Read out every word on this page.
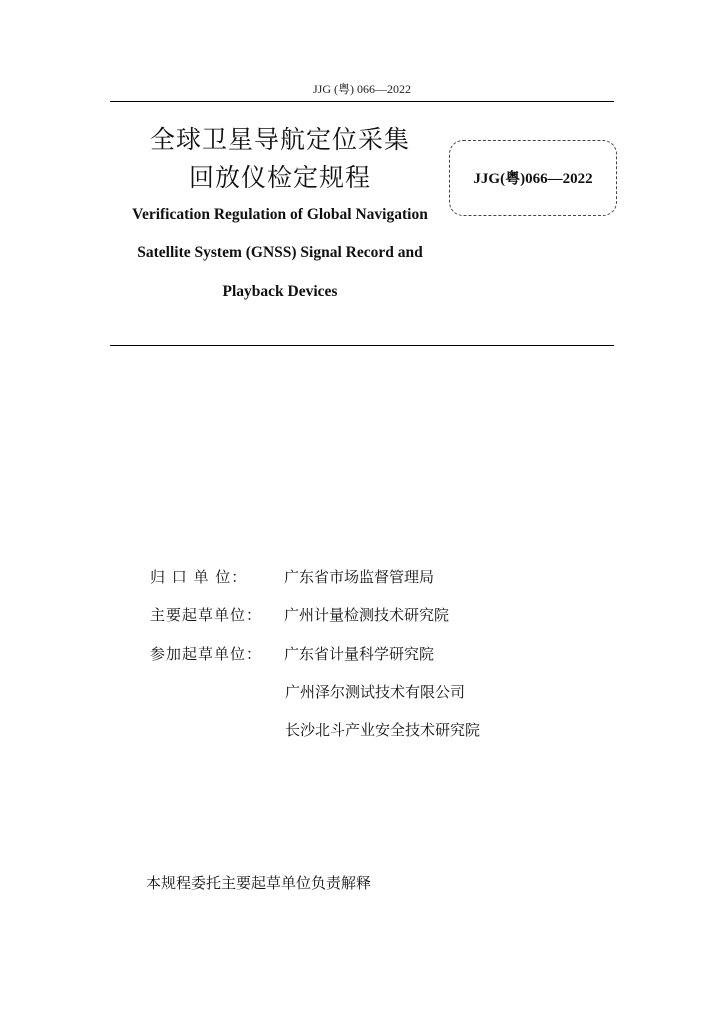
JJG (粤) 066—2022
全球卫星导航定位采集
回放仪检定规程	JJG(粤)066—2022
Verification Regulation of Global Navigation
Satellite System (GNSS) Signal Record and
Playback Devices
归 口 单 位： 广东省市场监督管理局
主要起草单位： 广州计量检测技术研究院
参加起草单位： 广东省计量科学研究院
广州泽尔测试技术有限公司
长沙北斗产业安全技术研究院
本规程委托主要起草单位负责解释
